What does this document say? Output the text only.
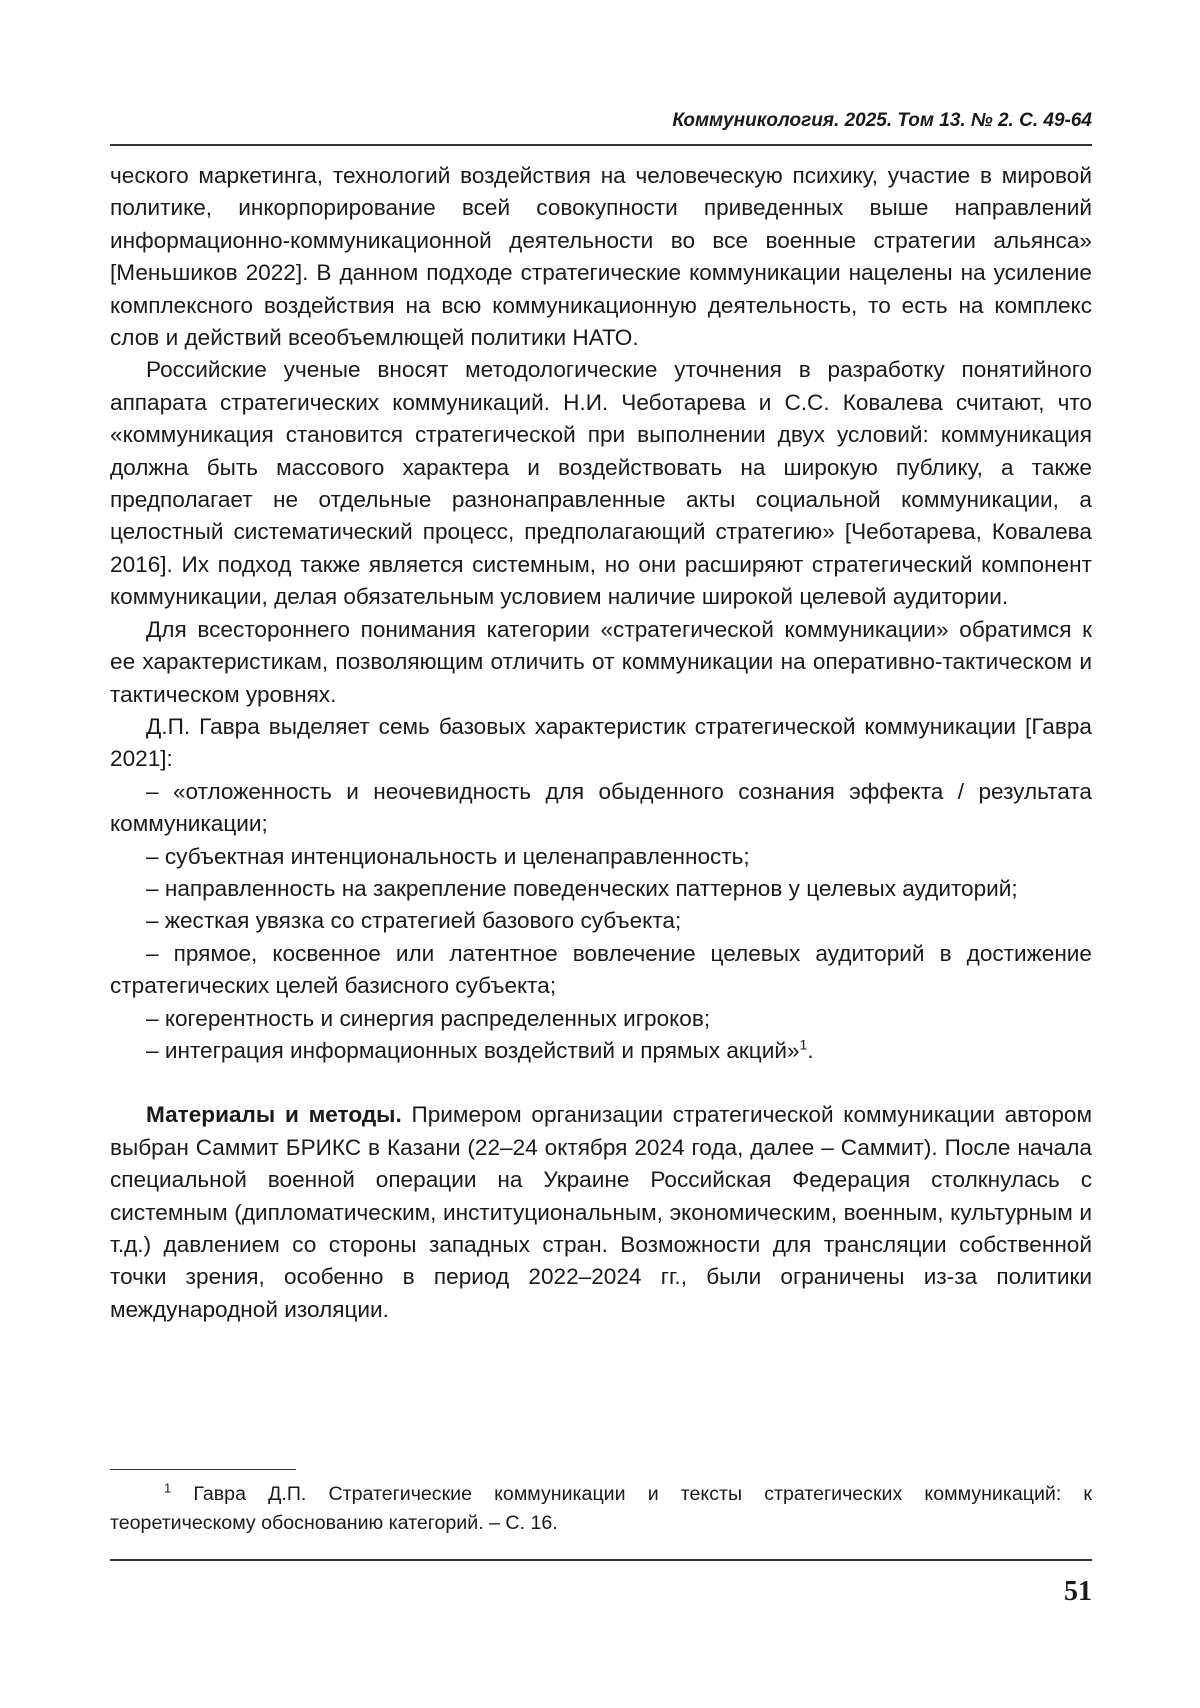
Коммуникология. 2025. Том 13. № 2. С. 49-64

ческого маркетинга, технологий воздействия на человеческую психику, участие в мировой политике, инкорпорирование всей совокупности приведенных выше направлений информационно-коммуникационной деятельности во все военные стратегии альянса» [Меньшиков 2022]. В данном подходе стратегические коммуникации нацелены на усиление комплексного воздействия на всю коммуникационную деятельность, то есть на комплекс слов и действий всеобъемлющей политики НАТО.

Российские ученые вносят методологические уточнения в разработку понятийного аппарата стратегических коммуникаций. Н.И. Чеботарева и С.С. Ковалева считают, что «коммуникация становится стратегической при выполнении двух условий: коммуникация должна быть массового характера и воздействовать на широкую публику, а также предполагает не отдельные разнонаправленные акты социальной коммуникации, а целостный систематический процесс, предполагающий стратегию» [Чеботарева, Ковалева 2016]. Их подход также является системным, но они расширяют стратегический компонент коммуникации, делая обязательным условием наличие широкой целевой аудитории.

Для всестороннего понимания категории «стратегической коммуникации» обратимся к ее характеристикам, позволяющим отличить от коммуникации на оперативно-тактическом и тактическом уровнях.

Д.П. Гавра выделяет семь базовых характеристик стратегической коммуникации [Гавра 2021]:

– «отложенность и неочевидность для обыденного сознания эффекта / результата коммуникации;

– субъектная интенциональность и целенаправленность;

– направленность на закрепление поведенческих паттернов у целевых аудиторий;

– жесткая увязка со стратегией базового субъекта;

– прямое, косвенное или латентное вовлечение целевых аудиторий в достижение стратегических целей базисного субъекта;

– когерентность и синергия распределенных игроков;

– интеграция информационных воздействий и прямых акций»$^1$.

Материалы и методы. Примером организации стратегической коммуникации автором выбран Саммит БРИКС в Казани (22–24 октября 2024 года, далее – Саммит). После начала специальной военной операции на Украине Российская Федерация столкнулась с системным (дипломатическим, институциональным, экономическим, военным, культурным и т.д.) давлением со стороны западных стран. Возможности для трансляции собственной точки зрения, особенно в период 2022–2024 гг., были ограничены из-за политики международной изоляции.

$^1$ Гавра Д.П. Стратегические коммуникации и тексты стратегических коммуникаций: к теоретическому обоснованию категорий. – С. 16.

51
